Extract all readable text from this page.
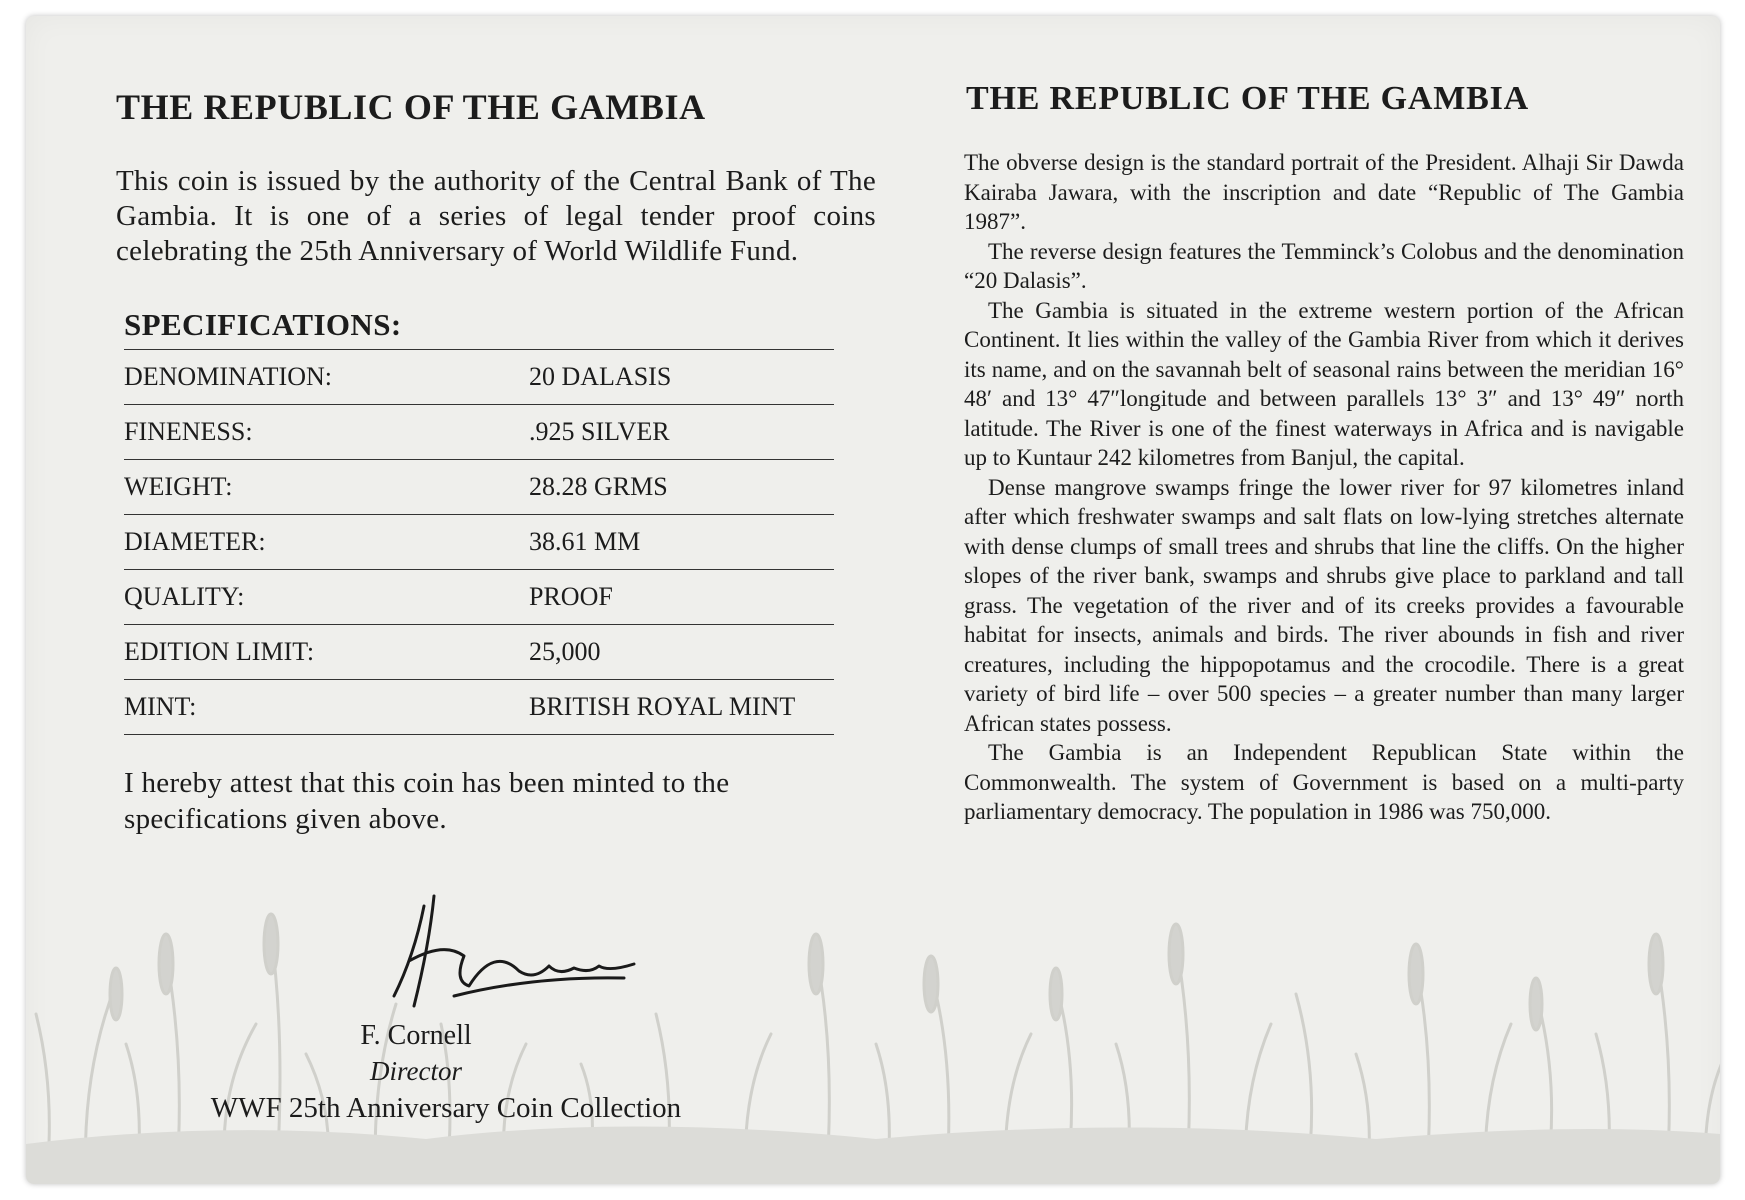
THE REPUBLIC OF THE GAMBIA

This coin is issued by the authority of the Central Bank of The Gambia. It is one of a series of legal tender proof coins celebrating the 25th Anniversary of World Wildlife Fund.

SPECIFICATIONS:
DENOMINATION:	20 DALASIS
FINENESS:	.925 SILVER
WEIGHT:	28.28 GRMS
DIAMETER:	38.61 MM
QUALITY:	PROOF
EDITION LIMIT:	25,000
MINT:	BRITISH ROYAL MINT

I hereby attest that this coin has been minted to the specifications given above.

F. Cornell
Director
WWF 25th Anniversary Coin Collection
THE REPUBLIC OF THE GAMBIA

The obverse design is the standard portrait of the President. Alhaji Sir Dawda Kairaba Jawara, with the inscription and date “Republic of The Gambia 1987”.

The reverse design features the Temminck’s Colobus and the denomination “20 Dalasis”.

The Gambia is situated in the extreme western portion of the African Continent. It lies within the valley of the Gambia River from which it derives its name, and on the savannah belt of seasonal rains between the meridian 16° 48′ and 13° 47″longitude and between parallels 13° 3″ and 13° 49″ north latitude. The River is one of the finest waterways in Africa and is navigable up to Kuntaur 242 kilometres from Banjul, the capital.

Dense mangrove swamps fringe the lower river for 97 kilometres inland after which freshwater swamps and salt flats on low-lying stretches alternate with dense clumps of small trees and shrubs that line the cliffs. On the higher slopes of the river bank, swamps and shrubs give place to parkland and tall grass. The vegetation of the river and of its creeks provides a favourable habitat for insects, animals and birds. The river abounds in fish and river creatures, including the hippopotamus and the crocodile. There is a great variety of bird life – over 500 species – a greater number than many larger African states possess.

The Gambia is an Independent Republican State within the Commonwealth. The system of Government is based on a multi-party parliamentary democracy. The population in 1986 was 750,000.
